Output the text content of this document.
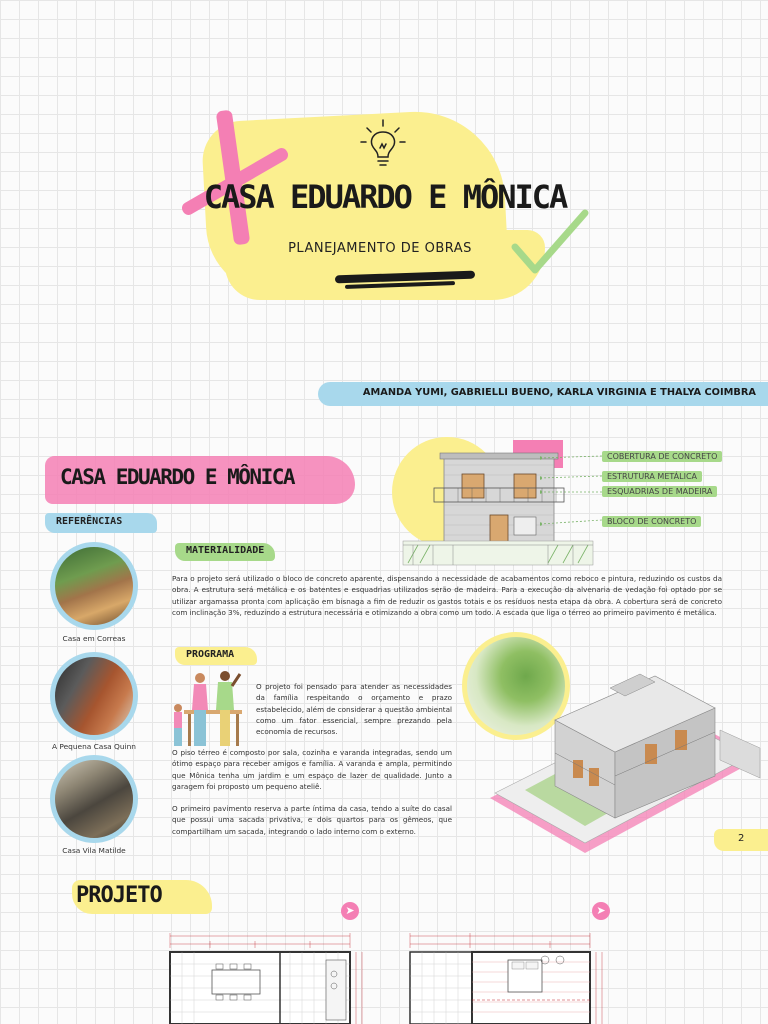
CASA EDUARDO E MÔNICA
PLANEJAMENTO DE OBRAS
AMANDA YUMI, GABRIELLI BUENO, KARLA VIRGINIA E THALYA COIMBRA
CASA EDUARDO E MÔNICA
REFERÊNCIAS
Casa em Correas
A Pequena Casa Quinn
Casa Vila Matilde
MATERIALIDADE
Para o projeto será utilizado o bloco de concreto aparente, dispensando a necessidade de acabamentos como reboco e pintura, reduzindo os custos da obra. A estrutura será metálica e os batentes e esquadrias utilizados serão de madeira. Para a execução da alvenaria de vedação foi optado por se utilizar argamassa pronta com aplicação em bisnaga a fim de reduzir os gastos totais e os resíduos nesta etapa da obra. A cobertura será de concreto com inclinação 3%, reduzindo a estrutura necessária e otimizando a obra como um todo. A escada que liga o térreo ao primeiro pavimento é metálica.
COBERTURA DE CONCRETO
ESTRUTURA METÁLICA
ESQUADRIAS DE MADEIRA
BLOCO DE CONCRETO
PROGRAMA
O projeto foi pensado para atender as necessidades da família respeitando o orçamento e prazo estabelecido, além de considerar a questão ambiental como um fator essencial, sempre prezando pela economia de recursos.
O piso térreo é composto por sala, cozinha e varanda integradas, sendo um ótimo espaço para receber amigos e família. A varanda e ampla, permitindo que Mônica tenha um jardim e um espaço de lazer de qualidade. Junto a garagem foi proposto um pequeno ateliê.
O primeiro pavimento reserva a parte íntima da casa, tendo a suíte do casal que possui uma sacada privativa, e dois quartos para os gêmeos, que compartilham um sacada, integrando o lado interno com o externo.
2
PROJETO
➤	➤
